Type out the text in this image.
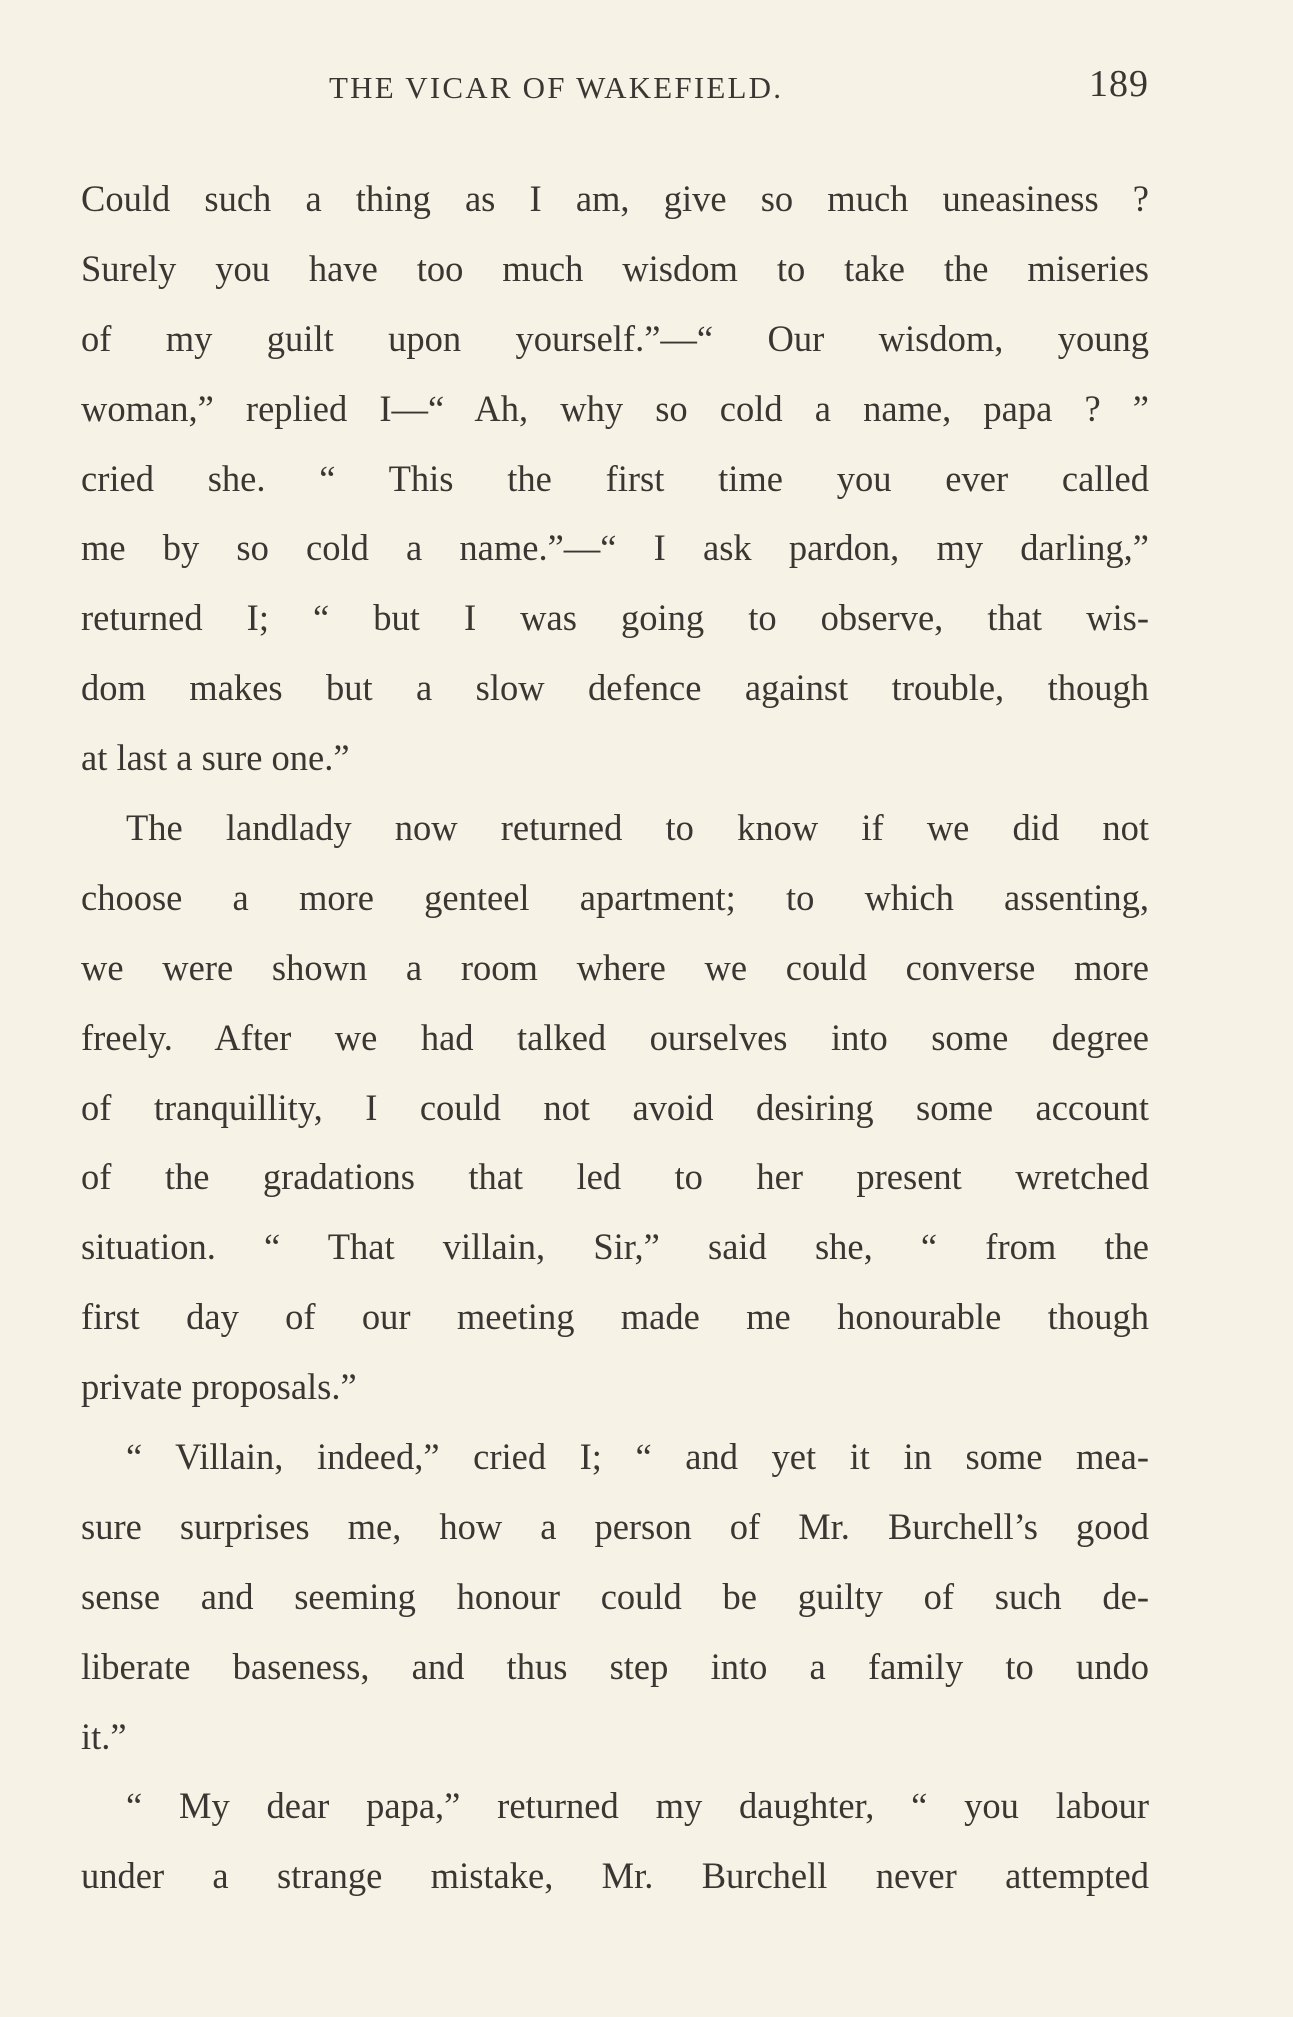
THE VICAR OF WAKEFIELD.	189
Could such a thing as I am, give so much uneasiness ?
Surely you have too much wisdom to take the miseries
of my guilt upon yourself.”—“ Our wisdom, young
woman,” replied I—“ Ah, why so cold a name, papa ? ”
cried she. “ This the first time you ever called
me by so cold a name.”—“ I ask pardon, my darling,”
returned I; “ but I was going to observe, that wis-
dom makes but a slow defence against trouble, though
at last a sure one.”
The landlady now returned to know if we did not
choose a more genteel apartment; to which assenting,
we were shown a room where we could converse more
freely. After we had talked ourselves into some degree
of tranquillity, I could not avoid desiring some account
of the gradations that led to her present wretched
situation. “ That villain, Sir,” said she, “ from the
first day of our meeting made me honourable though
private proposals.”
“ Villain, indeed,” cried I; “ and yet it in some mea-
sure surprises me, how a person of Mr. Burchell’s good
sense and seeming honour could be guilty of such de-
liberate baseness, and thus step into a family to undo
it.”
“ My dear papa,” returned my daughter, “ you labour
under a strange mistake, Mr. Burchell never attempted
